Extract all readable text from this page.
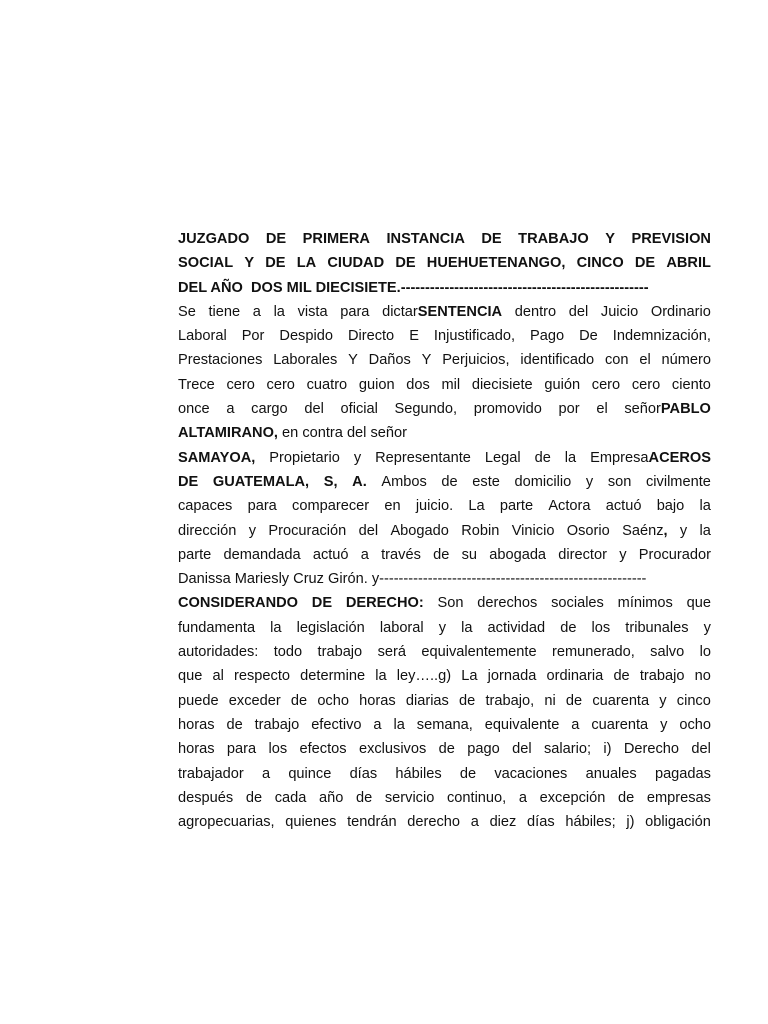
JUZGADO DE PRIMERA INSTANCIA DE TRABAJO Y PREVISION
SOCIAL Y DE LA CIUDAD DE HUEHUETENANGO, CINCO DE ABRIL
DEL AÑO  DOS MIL DIECISIETE.---------------------------------------------------
Se tiene a la vista para dictarSENTENCIA dentro del Juicio Ordinario
Laboral Por Despido Directo E Injustificado, Pago De Indemnización,
Prestaciones Laborales Y Daños Y Perjuicios, identificado con el número
Trece cero cero cuatro guion dos mil diecisiete guión cero cero ciento
once a cargo del oficial Segundo, promovido por el señorPABLO
ALTAMIRANO, en contra del señor
SAMAYOA, Propietario y Representante Legal de la EmpresaACEROS
DE GUATEMALA, S, A. Ambos de este domicilio y son civilmente
capaces para comparecer en juicio. La parte Actora actuó bajo la
dirección y Procuración del Abogado Robin Vinicio Osorio Saénz, y la
parte demandada actuó a través de su abogada director y Procurador
Danissa Mariesly Cruz Girón. y-------------------------------------------------------
CONSIDERANDO DE DERECHO: Son derechos sociales mínimos que
fundamenta la legislación laboral y la actividad de los tribunales y
autoridades: todo trabajo será equivalentemente remunerado, salvo lo
que al respecto determine la ley…..g) La jornada ordinaria de trabajo no
puede exceder de ocho horas diarias de trabajo, ni de cuarenta y cinco
horas de trabajo efectivo a la semana, equivalente a cuarenta y ocho
horas para los efectos exclusivos de pago del salario; i) Derecho del
trabajador a quince días hábiles de vacaciones anuales pagadas
después de cada año de servicio continuo, a excepción de empresas
agropecuarias, quienes tendrán derecho a diez días hábiles; j) obligación
